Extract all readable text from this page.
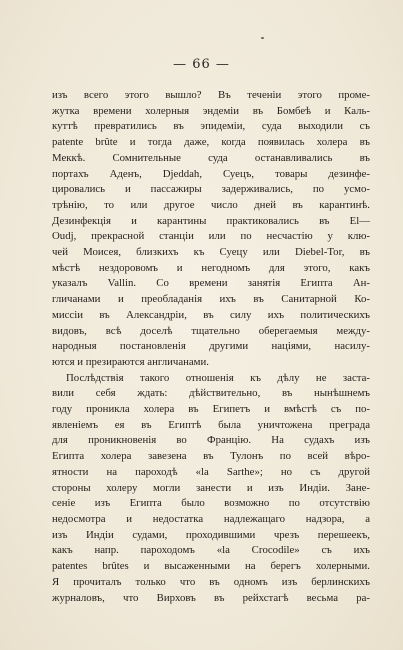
— 66 —
изъ всего этого вышло? Въ теченіи этого проме-
жутка времени холерныя эндеміи въ Бомбеѣ и Каль-
куттѣ превратились въ эпидеміи, суда выходили съ
patente brûte и тогда даже, когда появилась холера въ
Меккѣ. Сомнительные суда останавливались въ
портахъ Аденъ, Djeddah, Суецъ, товары дезинфе-
цировались и пассажиры задерживались, по усмо-
трѣнію, то или другое число дней въ карантинѣ.
Дезинфекція и карантины практиковались въ El—
Oudj, прекрасной станціи или по несчастію у клю-
чей Моисея, близкихъ къ Суецу или Diebel-Tor, въ
мѣстѣ нездоровомъ и негодномъ для этого, какъ
указалъ Vallin. Со времени занятія Египта Ан-
гличанами и преобладанія ихъ въ Санитарной Ко-
миссіи въ Александріи, въ силу ихъ политическихъ
видовъ, всѣ доселѣ тщательно оберегаемыя между-
народныя постановленія другими націями, насилу-
ются и презираются англичанами.
Послѣдствія такого отношенія къ дѣлу не заста-
вили себя ждать: дѣйствительно, въ нынѣшнемъ
году проникла холера въ Египетъ и вмѣстѣ съ по-
явленіемъ ея въ Египтѣ была уничтожена преграда
для проникновенія во Францію. На судахъ изъ
Египта холера завезена въ Тулонъ по всей вѣро-
ятности на пароходѣ «la Sarthe»; но съ другой
стороны холеру могли занести и изъ Индіи. Зане-
сеніе изъ Египта было возможно по отсутствію
недосмотра и недостатка надлежащаго надзора, а
изъ Индіи судами, проходившими чрезъ перешеекъ,
какъ напр. пароходомъ «la Crocodile» съ ихъ
patentes brûtes и высаженными на берегъ холерными.
Я прочиталъ только что въ одномъ изъ берлинскихъ
журналовъ, что Вирховъ въ рейхстагѣ весьма ра-
